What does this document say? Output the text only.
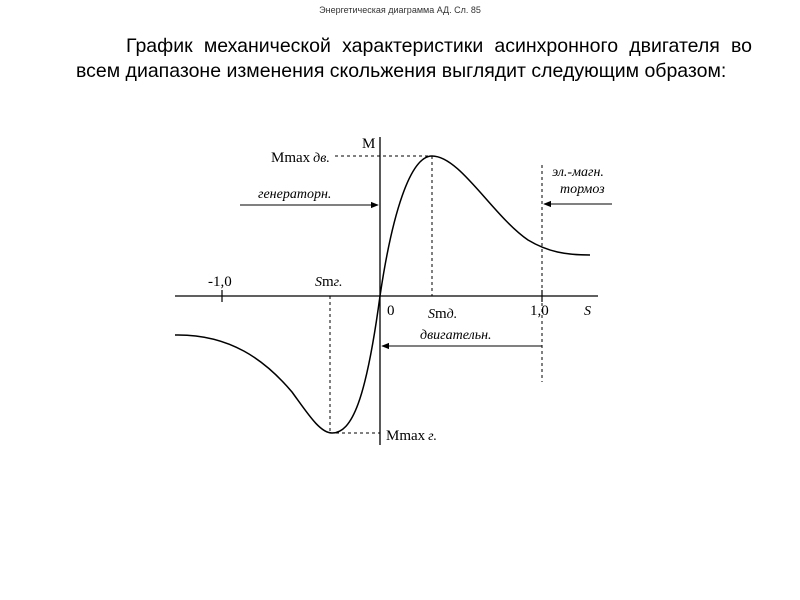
Энергетическая диаграмма АД. Сл. 85
График механической характеристики асинхронного двигателя во всем диапазоне изменения скольжения выглядит следующим образом:
M
S
0
-1,0
1,0
Mmax дв.
Mmax г.
Smг.
Smд.
генераторн.
эл.-магн.
тормоз
двигательн.
